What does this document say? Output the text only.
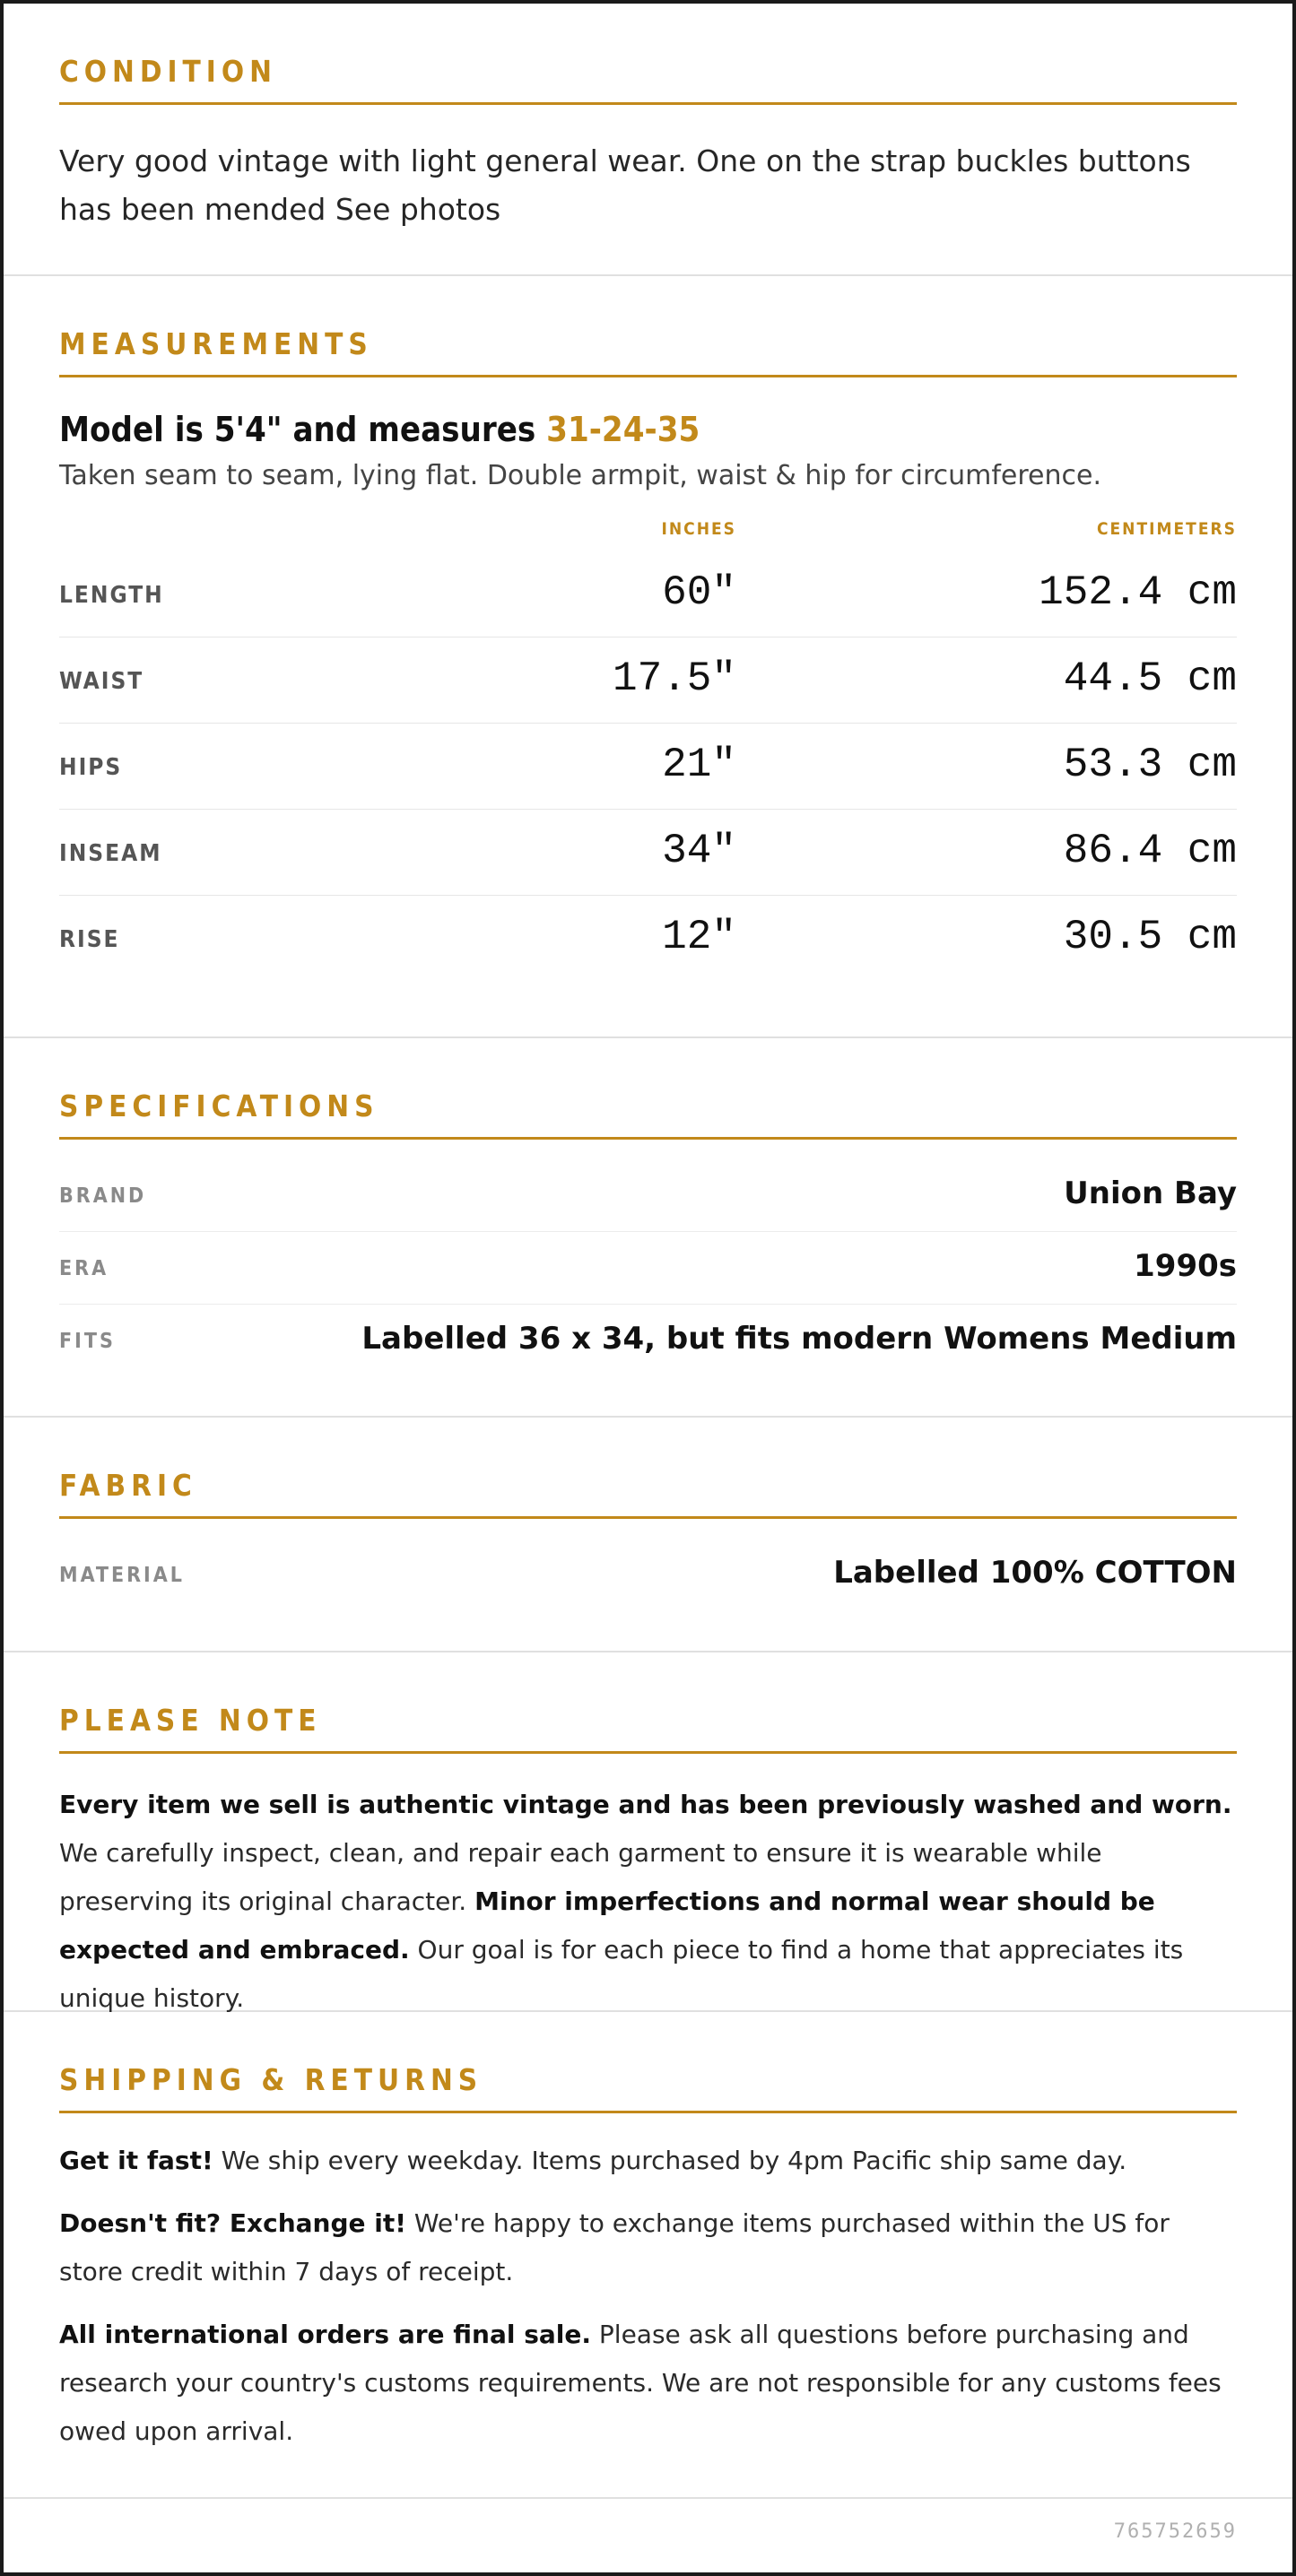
CONDITION
Very good vintage with light general wear. One on the strap buckles buttons has been mended See photos
MEASUREMENTS
Model is 5'4" and measures 31-24-35
Taken seam to seam, lying flat. Double armpit, waist & hip for circumference.
INCHES	CENTIMETERS
LENGTH	60"	152.4 cm
WAIST	17.5"	44.5 cm
HIPS	21"	53.3 cm
INSEAM	34"	86.4 cm
RISE	12"	30.5 cm
SPECIFICATIONS
BRAND	Union Bay
ERA	1990s
FITS	Labelled 36 x 34, but fits modern Womens Medium
FABRIC
MATERIAL	Labelled 100% COTTON
PLEASE NOTE
Every item we sell is authentic vintage and has been previously washed and worn. We carefully inspect, clean, and repair each garment to ensure it is wearable while preserving its original character. Minor imperfections and normal wear should be expected and embraced. Our goal is for each piece to find a home that appreciates its unique history.
SHIPPING & RETURNS

Get it fast! We ship every weekday. Items purchased by 4pm Pacific ship same day.

Doesn't fit? Exchange it! We're happy to exchange items purchased within the US for store credit within 7 days of receipt.

All international orders are final sale. Please ask all questions before purchasing and research your country's customs requirements. We are not responsible for any customs fees owed upon arrival.

765752659
